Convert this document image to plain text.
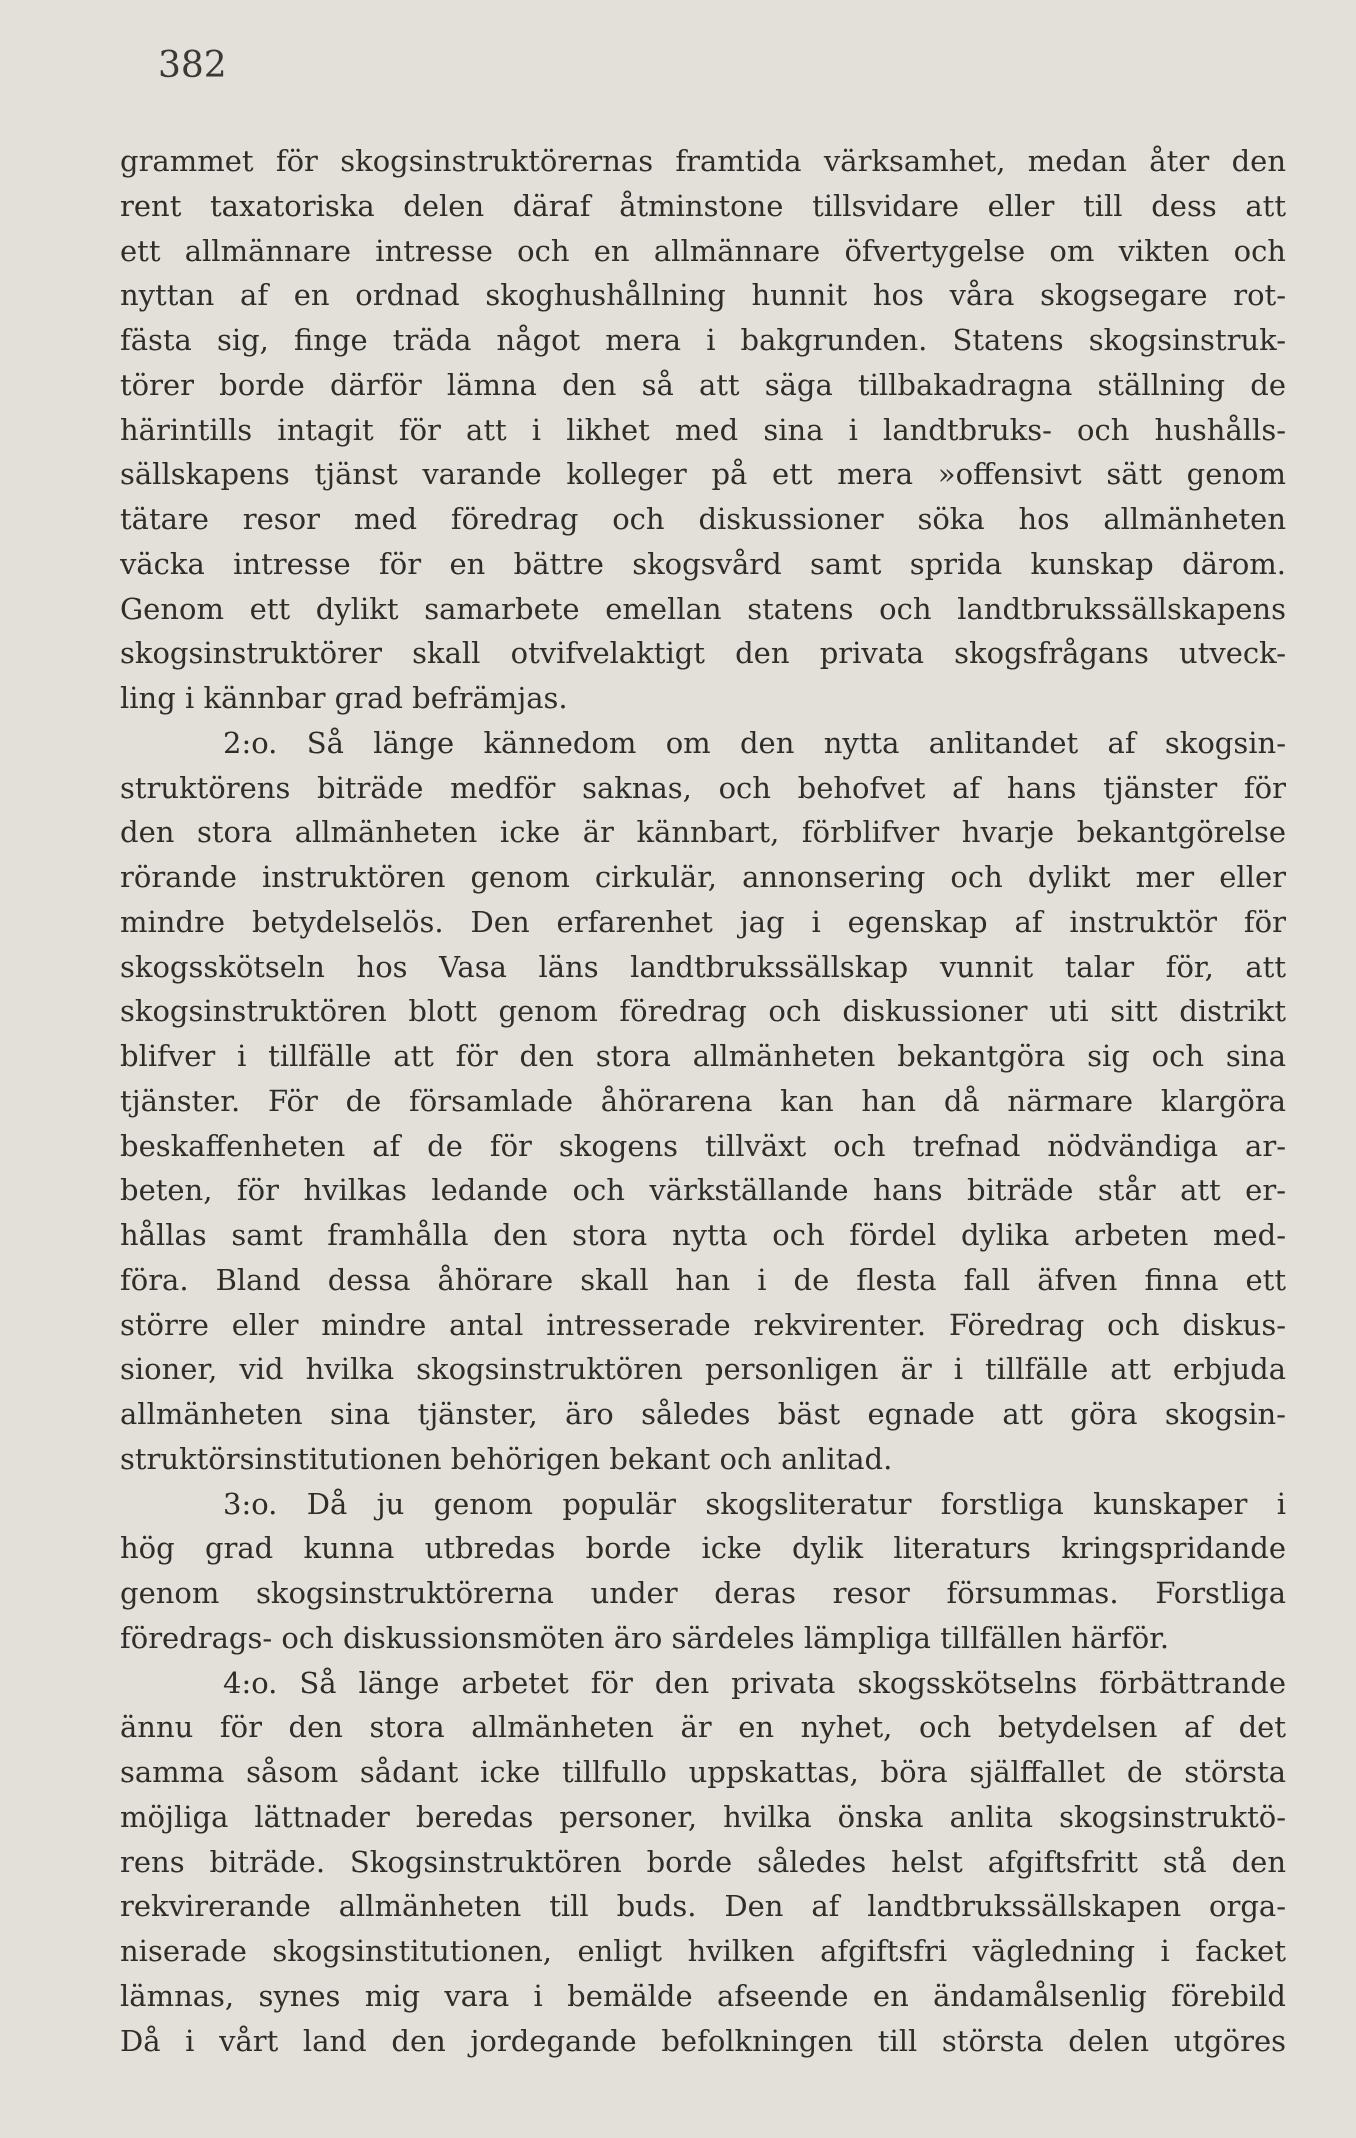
382
grammet för skogsinstruktörernas framtida värksamhet, medan åter den
rent taxatoriska delen däraf åtminstone tillsvidare eller till dess att
ett allmännare intresse och en allmännare öfvertygelse om vikten och
nyttan af en ordnad skoghushållning hunnit hos våra skogsegare rot-
fästa sig, finge träda något mera i bakgrunden. Statens skogsinstruk-
törer borde därför lämna den så att säga tillbakadragna ställning de
härintills intagit för att i likhet med sina i landtbruks- och hushålls-
sällskapens tjänst varande kolleger på ett mera »offensivt sätt genom
tätare resor med föredrag och diskussioner söka hos allmänheten
väcka intresse för en bättre skogsvård samt sprida kunskap därom.
Genom ett dylikt samarbete emellan statens och landtbrukssällskapens
skogsinstruktörer skall otvifvelaktigt den privata skogsfrågans utveck-
ling i kännbar grad befrämjas.
2:o. Så länge kännedom om den nytta anlitandet af skogsin-
struktörens biträde medför saknas, och behofvet af hans tjänster för
den stora allmänheten icke är kännbart, förblifver hvarje bekantgörelse
rörande instruktören genom cirkulär, annonsering och dylikt mer eller
mindre betydelselös. Den erfarenhet jag i egenskap af instruktör för
skogsskötseln hos Vasa läns landtbrukssällskap vunnit talar för, att
skogsinstruktören blott genom föredrag och diskussioner uti sitt distrikt
blifver i tillfälle att för den stora allmänheten bekantgöra sig och sina
tjänster. För de församlade åhörarena kan han då närmare klargöra
beskaffenheten af de för skogens tillväxt och trefnad nödvändiga ar-
beten, för hvilkas ledande och värkställande hans biträde står att er-
hållas samt framhålla den stora nytta och fördel dylika arbeten med-
föra. Bland dessa åhörare skall han i de flesta fall äfven finna ett
större eller mindre antal intresserade rekvirenter. Föredrag och diskus-
sioner, vid hvilka skogsinstruktören personligen är i tillfälle att erbjuda
allmänheten sina tjänster, äro således bäst egnade att göra skogsin-
struktörsinstitutionen behörigen bekant och anlitad.
3:o. Då ju genom populär skogsliteratur forstliga kunskaper i
hög grad kunna utbredas borde icke dylik literaturs kringspridande
genom skogsinstruktörerna under deras resor försummas. Forstliga
föredrags- och diskussionsmöten äro särdeles lämpliga tillfällen härför.
4:o. Så länge arbetet för den privata skogsskötselns förbättrande
ännu för den stora allmänheten är en nyhet, och betydelsen af det
samma såsom sådant icke tillfullo uppskattas, böra själffallet de största
möjliga lättnader beredas personer, hvilka önska anlita skogsinstruktö-
rens biträde. Skogsinstruktören borde således helst afgiftsfritt stå den
rekvirerande allmänheten till buds. Den af landtbrukssällskapen orga-
niserade skogsinstitutionen, enligt hvilken afgiftsfri vägledning i facket
lämnas, synes mig vara i bemälde afseende en ändamålsenlig förebild
Då i vårt land den jordegande befolkningen till största delen utgöres
